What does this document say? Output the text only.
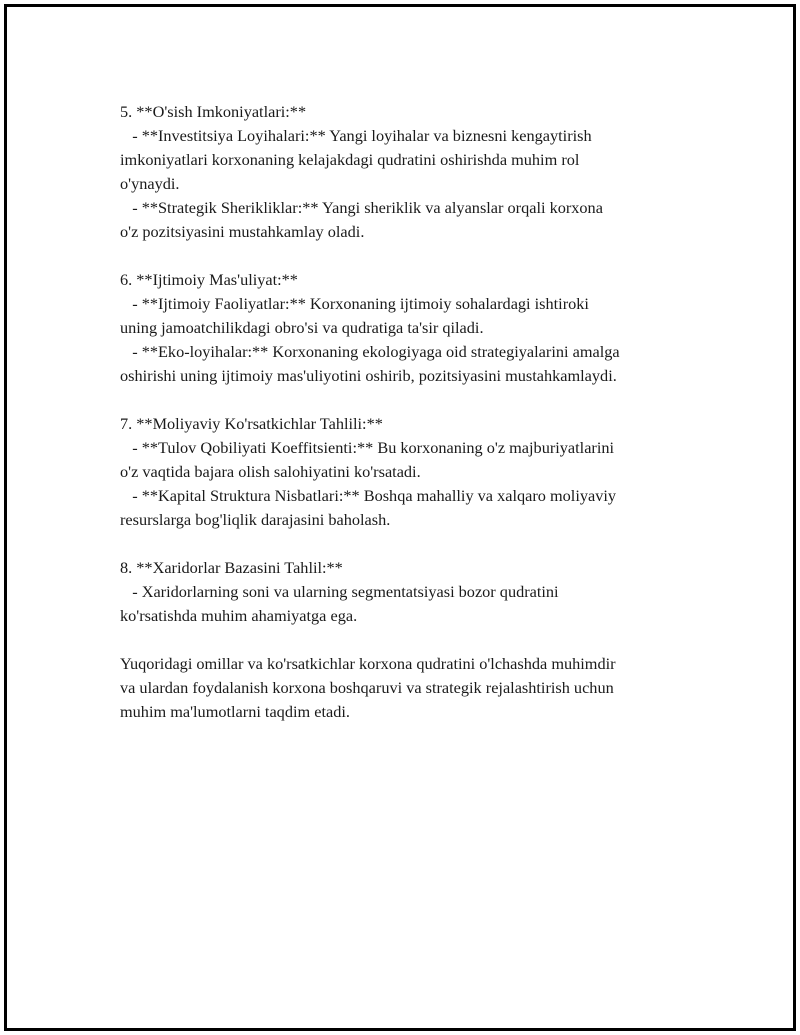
5. **O'sish Imkoniyatlari:**
- **Investitsiya Loyihalari:** Yangi loyihalar va biznesni kengaytirish
imkoniyatlari korxonaning kelajakdagi qudratini oshirishda muhim rol
o'ynaydi.
- **Strategik Sherikliklar:** Yangi sheriklik va alyanslar orqali korxona
o'z pozitsiyasini mustahkamlay oladi.
6. **Ijtimoiy Mas'uliyat:**
- **Ijtimoiy Faoliyatlar:** Korxonaning ijtimoiy sohalardagi ishtiroki
uning jamoatchilikdagi obro'si va qudratiga ta'sir qiladi.
- **Eko-loyihalar:** Korxonaning ekologiyaga oid strategiyalarini amalga
oshirishi uning ijtimoiy mas'uliyotini oshirib, pozitsiyasini mustahkamlaydi.
7. **Moliyaviy Ko'rsatkichlar Tahlili:**
- **Tulov Qobiliyati Koeffitsienti:** Bu korxonaning o'z majburiyatlarini
o'z vaqtida bajara olish salohiyatini ko'rsatadi.
- **Kapital Struktura Nisbatlari:** Boshqa mahalliy va xalqaro moliyaviy
resurslarga bog'liqlik darajasini baholash.
8. **Xaridorlar Bazasini Tahlil:**
- Xaridorlarning soni va ularning segmentatsiyasi bozor qudratini
ko'rsatishda muhim ahamiyatga ega.
Yuqoridagi omillar va ko'rsatkichlar korxona qudratini o'lchashda muhimdir
va ulardan foydalanish korxona boshqaruvi va strategik rejalashtirish uchun
muhim ma'lumotlarni taqdim etadi.
